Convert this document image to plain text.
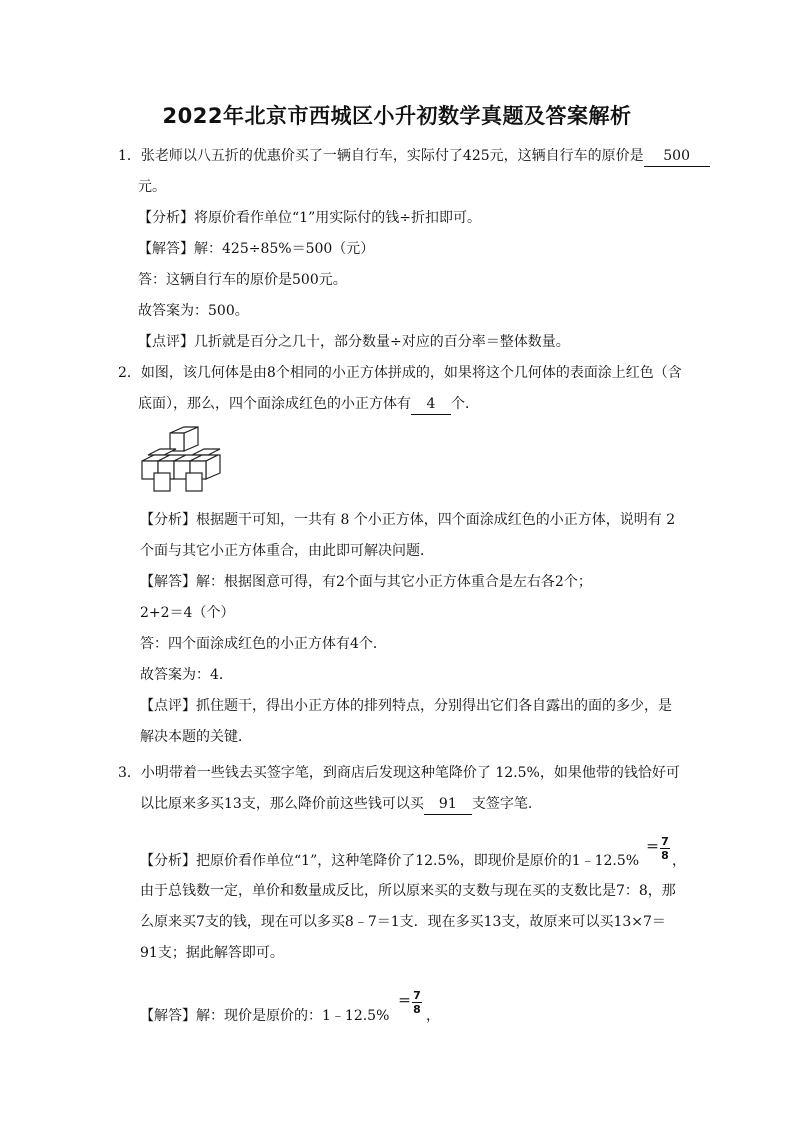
2022年北京市西城区小升初数学真题及答案解析
1．张老师以八五折的优惠价买了一辆自行车，实际付了425元，这辆自行车的原价是 500
元。
【分析】将原价看作单位“1”用实际付的钱÷折扣即可。
【解答】解：425÷85%＝500（元）
答：这辆自行车的原价是500元。
故答案为：500。
【点评】几折就是百分之几十，部分数量÷对应的百分率＝整体数量。
2．如图，该几何体是由8个相同的小正方体拼成的，如果将这个几何体的表面涂上红色（含
底面），那么，四个面涂成红色的小正方体有 4 个．
【分析】根据题干可知，一共有 8 个小正方体，四个面涂成红色的小正方体，说明有 2
个面与其它小正方体重合，由此即可解决问题．
【解答】解：根据图意可得，有2个面与其它小正方体重合是左右各2个；
2+2＝4（个）
答：四个面涂成红色的小正方体有4个．
故答案为：4．
【点评】抓住题干，得出小正方体的排列特点，分别得出它们各自露出的面的多少，是
解决本题的关键．
3．小明带着一些钱去买签字笔，到商店后发现这种笔降价了 12.5%，如果他带的钱恰好可
以比原来多买13支，那么降价前这些钱可以买 91 支签字笔.
【分析】把原价看作单位“1”，这种笔降价了12.5%，即现价是原价的1﹣12.5%
＝ 7
8 ，
由于总钱数一定，单价和数量成反比，所以原来买的支数与现在买的支数比是7：8，那
么原来买7支的钱，现在可以多买8﹣7＝1支．现在多买13支，故原来可以买13×7＝
91支；据此解答即可。
【解答】解：现价是原价的：1﹣12.5%
＝ 7
8 ，
